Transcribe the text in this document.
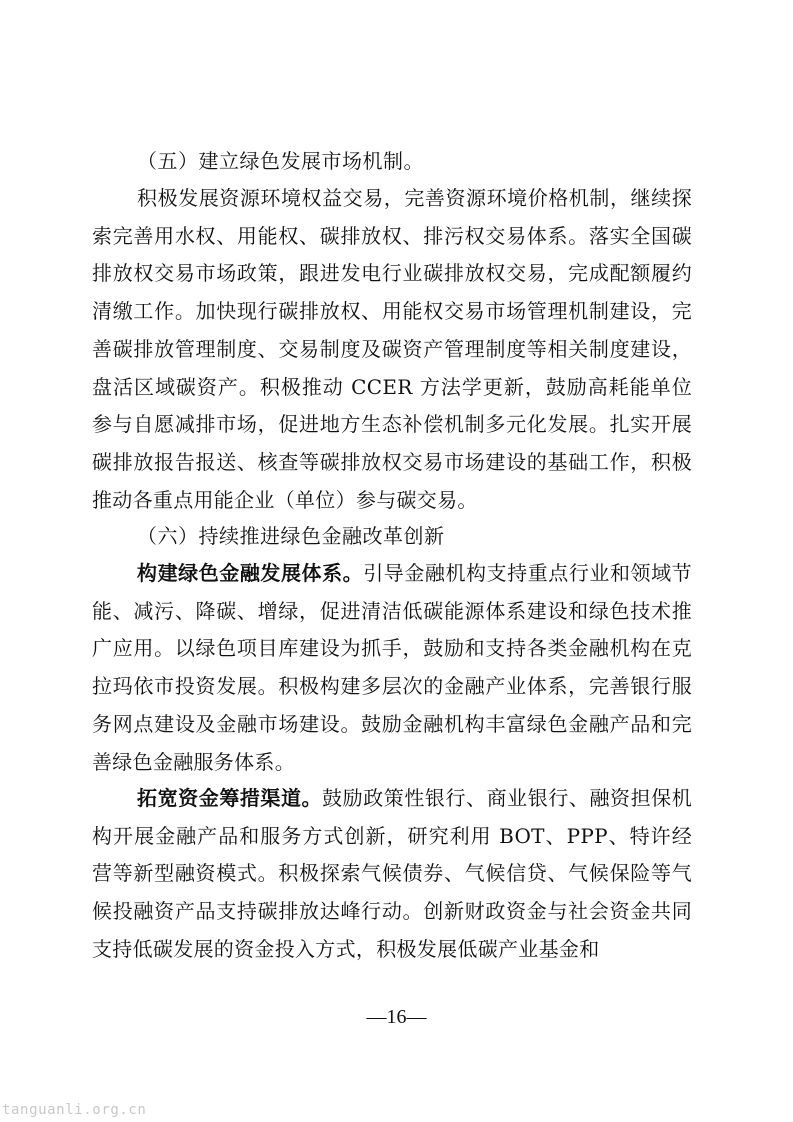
（五）建立绿色发展市场机制。
积极发展资源环境权益交易，完善资源环境价格机制，继续探索完善用水权、用能权、碳排放权、排污权交易体系。落实全国碳排放权交易市场政策，跟进发电行业碳排放权交易，完成配额履约清缴工作。加快现行碳排放权、用能权交易市场管理机制建设，完善碳排放管理制度、交易制度及碳资产管理制度等相关制度建设，盘活区域碳资产。积极推动 CCER 方法学更新，鼓励高耗能单位参与自愿减排市场，促进地方生态补偿机制多元化发展。扎实开展碳排放报告报送、核查等碳排放权交易市场建设的基础工作，积极推动各重点用能企业（单位）参与碳交易。
（六）持续推进绿色金融改革创新
构建绿色金融发展体系。引导金融机构支持重点行业和领域节能、减污、降碳、增绿，促进清洁低碳能源体系建设和绿色技术推广应用。以绿色项目库建设为抓手，鼓励和支持各类金融机构在克拉玛依市投资发展。积极构建多层次的金融产业体系，完善银行服务网点建设及金融市场建设。鼓励金融机构丰富绿色金融产品和完善绿色金融服务体系。
拓宽资金筹措渠道。鼓励政策性银行、商业银行、融资担保机构开展金融产品和服务方式创新，研究利用 BOT、PPP、特许经营等新型融资模式。积极探索气候债券、气候信贷、气候保险等气候投融资产品支持碳排放达峰行动。创新财政资金与社会资金共同支持低碳发展的资金投入方式，积极发展低碳产业基金和
—16—
tanguanli.org.cn
